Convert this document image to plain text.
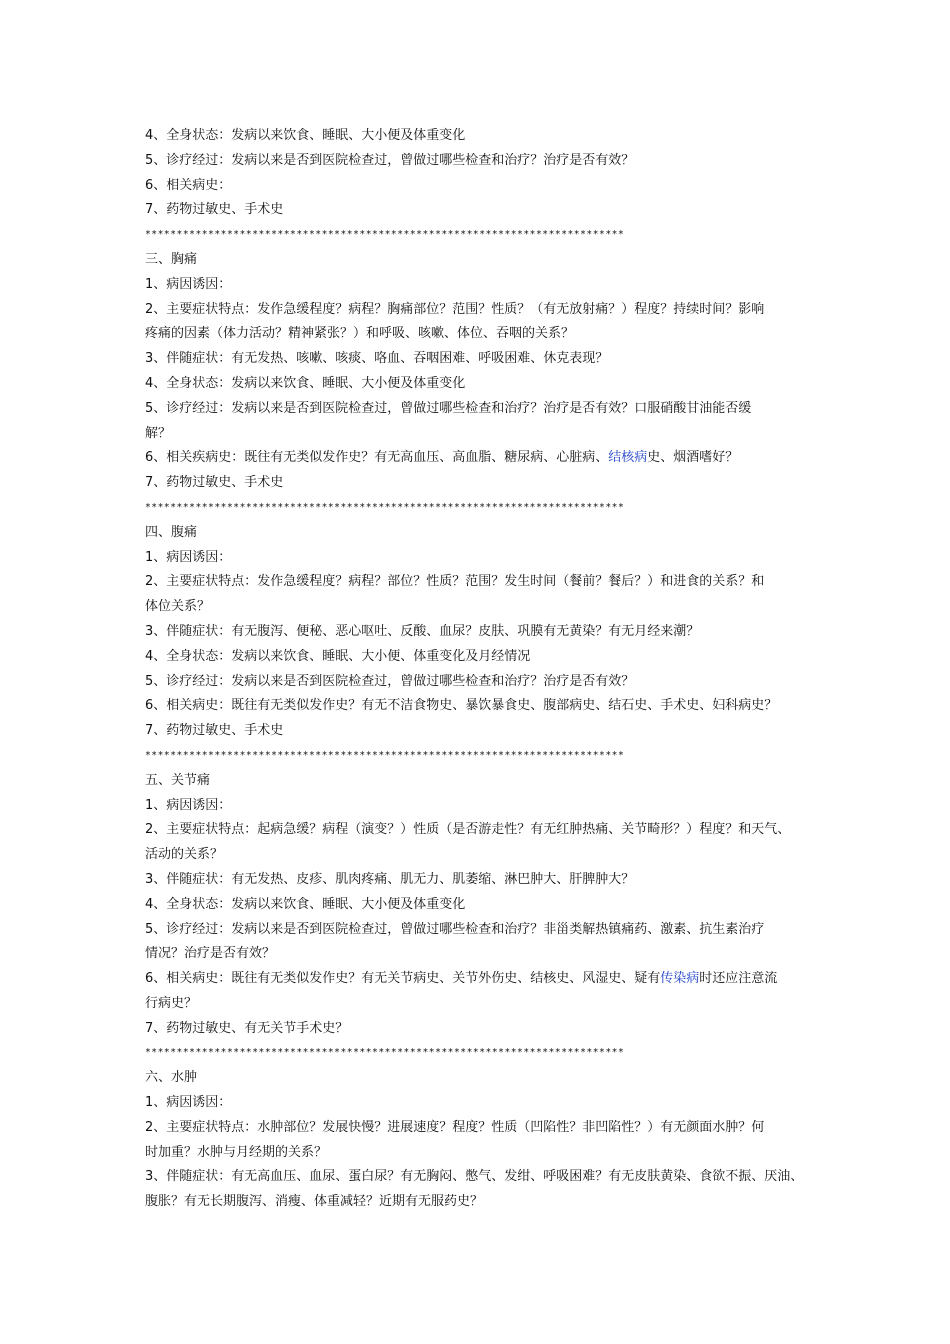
4、全身状态：发病以来饮食、睡眠、大小便及体重变化
5、诊疗经过：发病以来是否到医院检查过，曾做过哪些检查和治疗？治疗是否有效？
6、相关病史：
7、药物过敏史、手术史
****************************************************************************
三、胸痛
1、病因诱因：
2、主要症状特点：发作急缓程度？病程？胸痛部位？范围？性质？（有无放射痛？）程度？持续时间？影响
疼痛的因素（体力活动？精神紧张？）和呼吸、咳嗽、体位、吞咽的关系？
3、伴随症状：有无发热、咳嗽、咳痰、咯血、吞咽困难、呼吸困难、休克表现？
4、全身状态：发病以来饮食、睡眠、大小便及体重变化
5、诊疗经过：发病以来是否到医院检查过，曾做过哪些检查和治疗？治疗是否有效？口服硝酸甘油能否缓
解？
6、相关疾病史：既往有无类似发作史？有无高血压、高血脂、糖尿病、心脏病、结核病史、烟酒嗜好？
7、药物过敏史、手术史
****************************************************************************
四、腹痛
1、病因诱因：
2、主要症状特点：发作急缓程度？病程？部位？性质？范围？发生时间（餐前？餐后？）和进食的关系？和
体位关系？
3、伴随症状：有无腹泻、便秘、恶心呕吐、反酸、血尿？皮肤、巩膜有无黄染？有无月经来潮？
4、全身状态：发病以来饮食、睡眠、大小便、体重变化及月经情况
5、诊疗经过：发病以来是否到医院检查过，曾做过哪些检查和治疗？治疗是否有效？
6、相关病史：既往有无类似发作史？有无不洁食物史、暴饮暴食史、腹部病史、结石史、手术史、妇科病史？
7、药物过敏史、手术史
****************************************************************************
五、关节痛
1、病因诱因：
2、主要症状特点：起病急缓？病程（演变？）性质（是否游走性？有无红肿热痛、关节畸形？）程度？和天气、
活动的关系？
3、伴随症状：有无发热、皮疹、肌肉疼痛、肌无力、肌萎缩、淋巴肿大、肝脾肿大？
4、全身状态：发病以来饮食、睡眠、大小便及体重变化
5、诊疗经过：发病以来是否到医院检查过，曾做过哪些检查和治疗？非甾类解热镇痛药、激素、抗生素治疗
情况？治疗是否有效？
6、相关病史：既往有无类似发作史？有无关节病史、关节外伤史、结核史、风湿史、疑有传染病时还应注意流
行病史？
7、药物过敏史、有无关节手术史？
****************************************************************************
六、水肿
1、病因诱因：
2、主要症状特点：水肿部位？发展快慢？进展速度？程度？性质（凹陷性？非凹陷性？）有无颜面水肿？何
时加重？水肿与月经期的关系？
3、伴随症状：有无高血压、血尿、蛋白尿？有无胸闷、憋气、发绀、呼吸困难？有无皮肤黄染、食欲不振、厌油、
腹胀？有无长期腹泻、消瘦、体重减轻？近期有无服药史？
